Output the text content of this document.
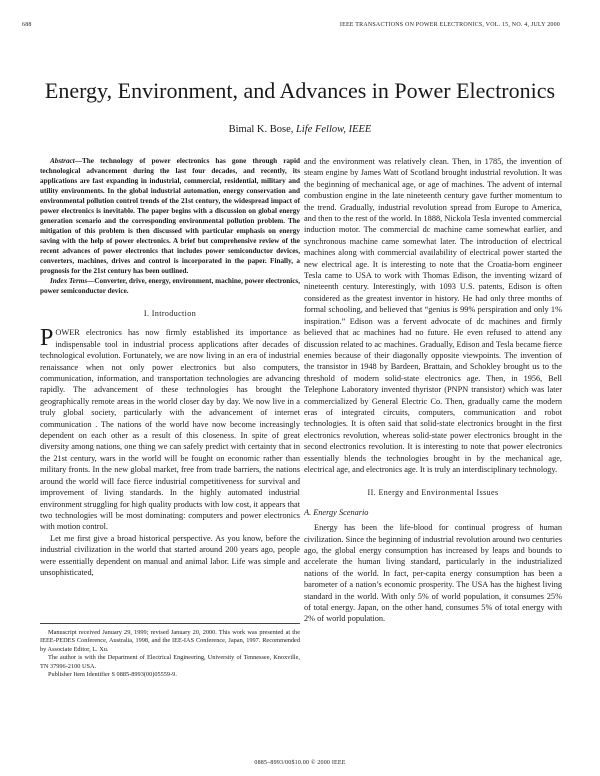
688	IEEE TRANSACTIONS ON POWER ELECTRONICS, VOL. 15, NO. 4, JULY 2000
Energy, Environment, and Advances in Power Electronics
Bimal K. Bose, Life Fellow, IEEE

Abstract—The technology of power electronics has gone through rapid technological advancement during the last four decades, and recently, its applications are fast expanding in industrial, commercial, residential, military and utility environments. In the global industrial automation, energy conservation and environmental pollution control trends of the 21st century, the widespread impact of power electronics is inevitable. The paper begins with a discussion on global energy generation scenario and the corresponding environmental pollution problem. The mitigation of this problem is then discussed with particular emphasis on energy saving with the help of power electronics. A brief but comprehensive review of the recent advances of power electronics that includes power semiconductor devices, converters, machines, drives and control is incorporated in the paper. Finally, a prognosis for the 21st century has been outlined.

Index Terms—Converter, drive, energy, environment, machine, power electronics, power semiconductor device.

I. Introduction

POWER electronics has now firmly established its importance as indispensable tool in industrial process applications after decades of technological evolution. Fortunately, we are now living in an era of industrial renaissance when not only power electronics but also computers, communication, information, and transportation technologies are advancing rapidly. The advancement of these technologies has brought the geographically remote areas in the world closer day by day. We now live in a truly global society, particularly with the advancement of internet communication . The nations of the world have now become increasingly dependent on each other as a result of this closeness. In spite of great diversity among nations, one thing we can safely predict with certainty that in the 21st century, wars in the world will be fought on economic rather than military fronts. In the new global market, free from trade barriers, the nations around the world will face fierce industrial competitiveness for survival and improvement of living standards. In the highly automated industrial environment struggling for high quality products with low cost, it appears that two technologies will be most dominating: computers and power electronics with motion control.

Let me first give a broad historical perspective. As you know, before the industrial civilization in the world that started around 200 years ago, people were essentially dependent on manual and animal labor. Life was simple and unsophisticated,

Manuscript received January 29, 1999; revised January 20, 2000. This work was presented at the IEEE-PEDES Conference, Australia, 1998, and the IEE-IAS Conference, Japan, 1997. Recommended by Associate Editor, L. Xu.

The author is with the Department of Electrical Engineering, University of Tennessee, Knoxville, TN 37996-2100 USA.

Publisher Item Identifier S 0885-8993(00)05559-9.

and the environment was relatively clean. Then, in 1785, the invention of steam engine by James Watt of Scotland brought industrial revolution. It was the beginning of mechanical age, or age of machines. The advent of internal combustion engine in the late nineteenth century gave further momentum to the trend. Gradually, industrial revolution spread from Europe to America, and then to the rest of the world. In 1888, Nickola Tesla invented commercial induction motor. The commercial dc machine came somewhat earlier, and synchronous machine came somewhat later. The introduction of electrical machines along with commercial availability of electrical power started the new electrical age. It is interesting to note that the Croatia-born engineer Tesla came to USA to work with Thomas Edison, the inventing wizard of nineteenth century. Interestingly, with 1093 U.S. patents, Edison is often considered as the greatest inventor in history. He had only three months of formal schooling, and believed that “genius is 99% perspiration and only 1% inspiration.” Edison was a fervent advocate of dc machines and firmly believed that ac machines had no future. He even refused to attend any discussion related to ac machines. Gradually, Edison and Tesla became fierce enemies because of their diagonally opposite viewpoints. The invention of the transistor in 1948 by Bardeen, Brattain, and Schokley brought us to the threshold of modern solid-state electronics age. Then, in 1956, Bell Telephone Laboratory invented thyristor (PNPN transistor) which was later commercialized by General Electric Co. Then, gradually came the modern eras of integrated circuits, computers, communication and robot technologies. It is often said that solid-state electronics brought in the first electronics revolution, whereas solid-state power electronics brought in the second electronics revolution. It is interesting to note that power electronics essentially blends the technologies brought in by the mechanical age, electrical age, and electronics age. It is truly an interdisciplinary technology.

II. Energy and Environmental Issues

A. Energy Scenario

Energy has been the life-blood for continual progress of human civilization. Since the beginning of industrial revolution around two centuries ago, the global energy consumption has increased by leaps and bounds to accelerate the human living standard, particularly in the industrialized nations of the world. In fact, per-capita energy consumption has been a barometer of a nation’s economic prosperity. The USA has the highest living standard in the world. With only 5% of world population, it consumes 25% of total energy. Japan, on the other hand, consumes 5% of total energy with 2% of world population.

0885–8993/00$10.00 © 2000 IEEE
